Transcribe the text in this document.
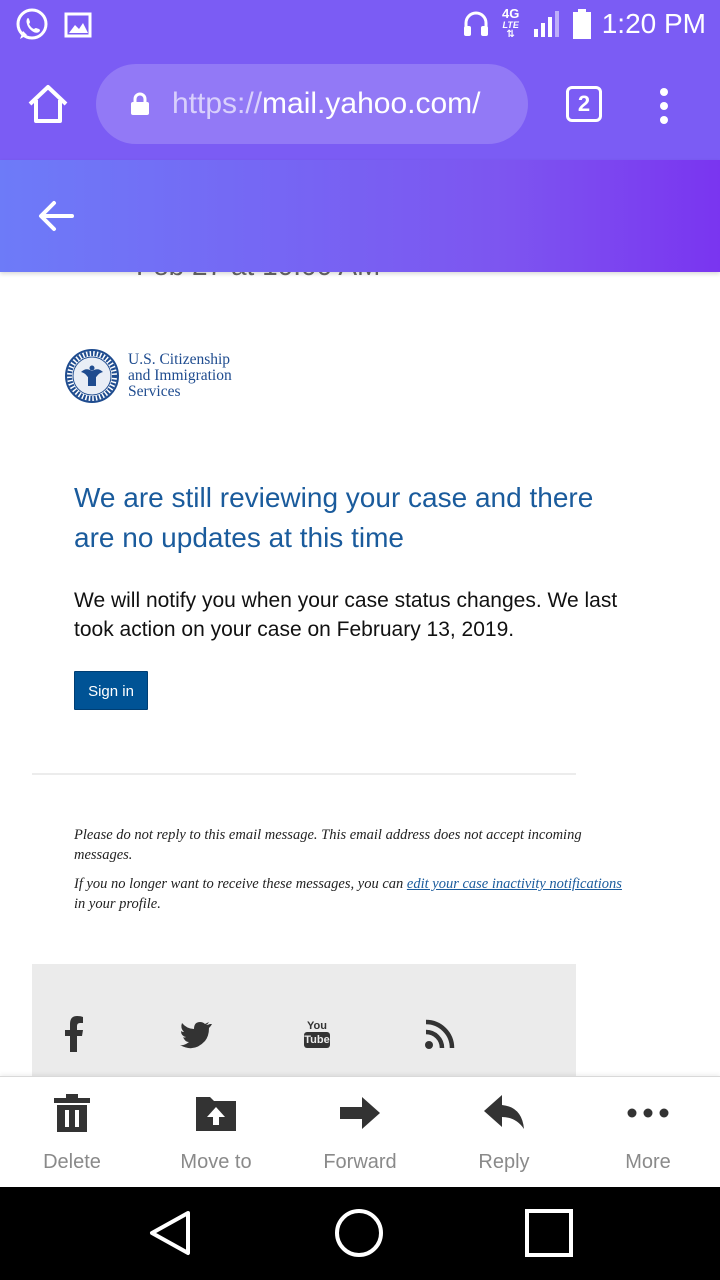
4G
LTE
⇅	1:20 PM
https://mail.yahoo.com/	2
U.S. Citizenship
and Immigration
Services
We are still reviewing your case and there are no updates at this time

We will notify you when your case status changes. We last took action on your case on February 13, 2019.

Sign in

Please do not reply to this email message. This email address does not accept incoming messages.

If you no longer want to receive these messages, you can edit your case inactivity notifications in your profile.

You
Tube
Delete	Move to	Forward	Reply	More
